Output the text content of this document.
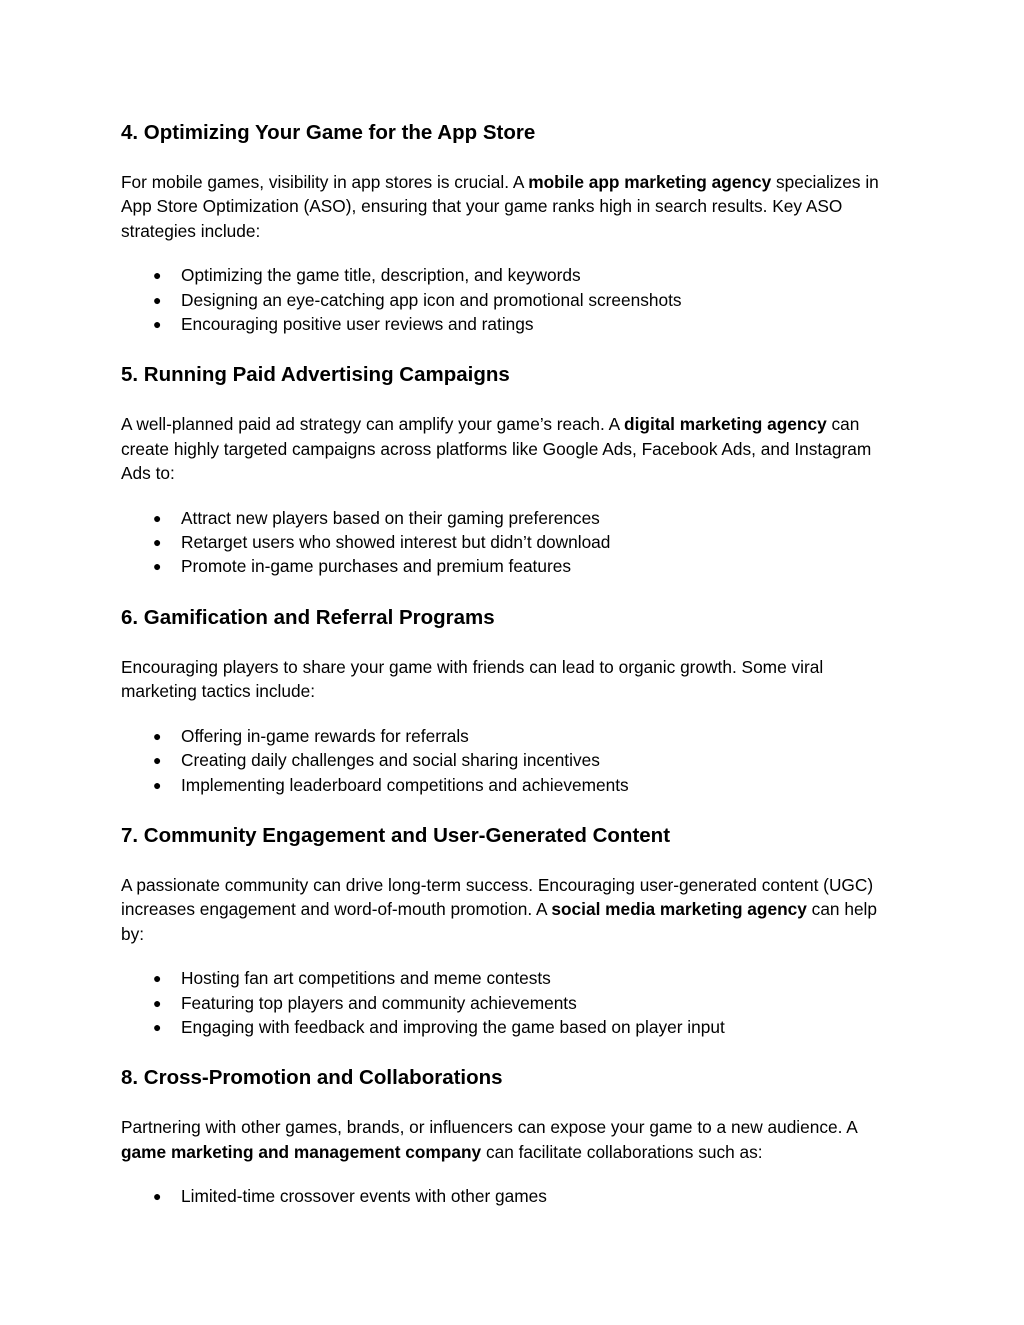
4. Optimizing Your Game for the App Store

For mobile games, visibility in app stores is crucial. A mobile app marketing agency specializes in App Store Optimization (ASO), ensuring that your game ranks high in search results. Key ASO strategies include:

● Optimizing the game title, description, and keywords
● Designing an eye-catching app icon and promotional screenshots
● Encouraging positive user reviews and ratings
5. Running Paid Advertising Campaigns

A well-planned paid ad strategy can amplify your game’s reach. A digital marketing agency can create highly targeted campaigns across platforms like Google Ads, Facebook Ads, and Instagram Ads to:

● Attract new players based on their gaming preferences
● Retarget users who showed interest but didn’t download
● Promote in-game purchases and premium features
6. Gamification and Referral Programs

Encouraging players to share your game with friends can lead to organic growth. Some viral marketing tactics include:

● Offering in-game rewards for referrals
● Creating daily challenges and social sharing incentives
● Implementing leaderboard competitions and achievements
7. Community Engagement and User-Generated Content

A passionate community can drive long-term success. Encouraging user-generated content (UGC) increases engagement and word-of-mouth promotion. A social media marketing agency can help by:

● Hosting fan art competitions and meme contests
● Featuring top players and community achievements
● Engaging with feedback and improving the game based on player input
8. Cross-Promotion and Collaborations

Partnering with other games, brands, or influencers can expose your game to a new audience. A game marketing and management company can facilitate collaborations such as:

● Limited-time crossover events with other games
